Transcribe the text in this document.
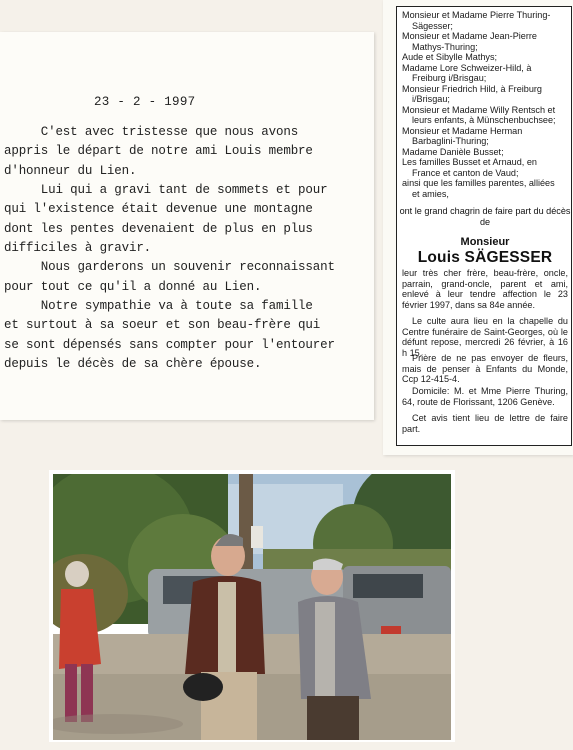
23 - 2 - 1997
C'est avec tristesse que nous avons
appris le départ de notre ami Louis membre
d'honneur du Lien.
Lui qui a gravi tant de sommets et pour
qui l'existence était devenue une montagne
dont les pentes devenaient de plus en plus
difficiles à gravir.
Nous garderons un souvenir reconnaissant
pour tout ce qu'il a donné au Lien.
Notre sympathie va à toute sa famille
et surtout à sa soeur et son beau-frère qui
se sont dépensés sans compter pour l'entourer
depuis le décès de sa chère épouse.
Monsieur et Madame Pierre Thuring-
Sägesser;
Monsieur et Madame Jean-Pierre
Mathys-Thuring;
Aude et Sibylle Mathys;
Madame Lore Schweizer-Hild, à
Freiburg i/Brisgau;
Monsieur Friedrich Hild, à Freiburg
i/Brisgau;
Monsieur et Madame Willy Rentsch et
leurs enfants, à Münschenbuchsee;
Monsieur et Madame Herman
Barbaglini-Thuring;
Madame Danièle Busset;
Les familles Busset et Arnaud, en
France et canton de Vaud;
ainsi que les familles parentes, alliées
et amies,
ont le grand chagrin de faire part du décès de
Monsieur
Louis SÄGESSER
leur très cher frère, beau-frère, oncle, parrain, grand-oncle, parent et ami, enlevé à leur tendre affection le 23 février 1997, dans sa 84e année.
Le culte aura lieu en la chapelle du Centre funéraire de Saint-Georges, où le défunt repose, mercredi 26 février, à 16 h 15.
Prière de ne pas envoyer de fleurs, mais de penser à Enfants du Monde, Ccp 12-415-4.
Domicile: M. et Mme Pierre Thuring, 64, route de Florissant, 1206 Genève.
Cet avis tient lieu de lettre de faire part.
